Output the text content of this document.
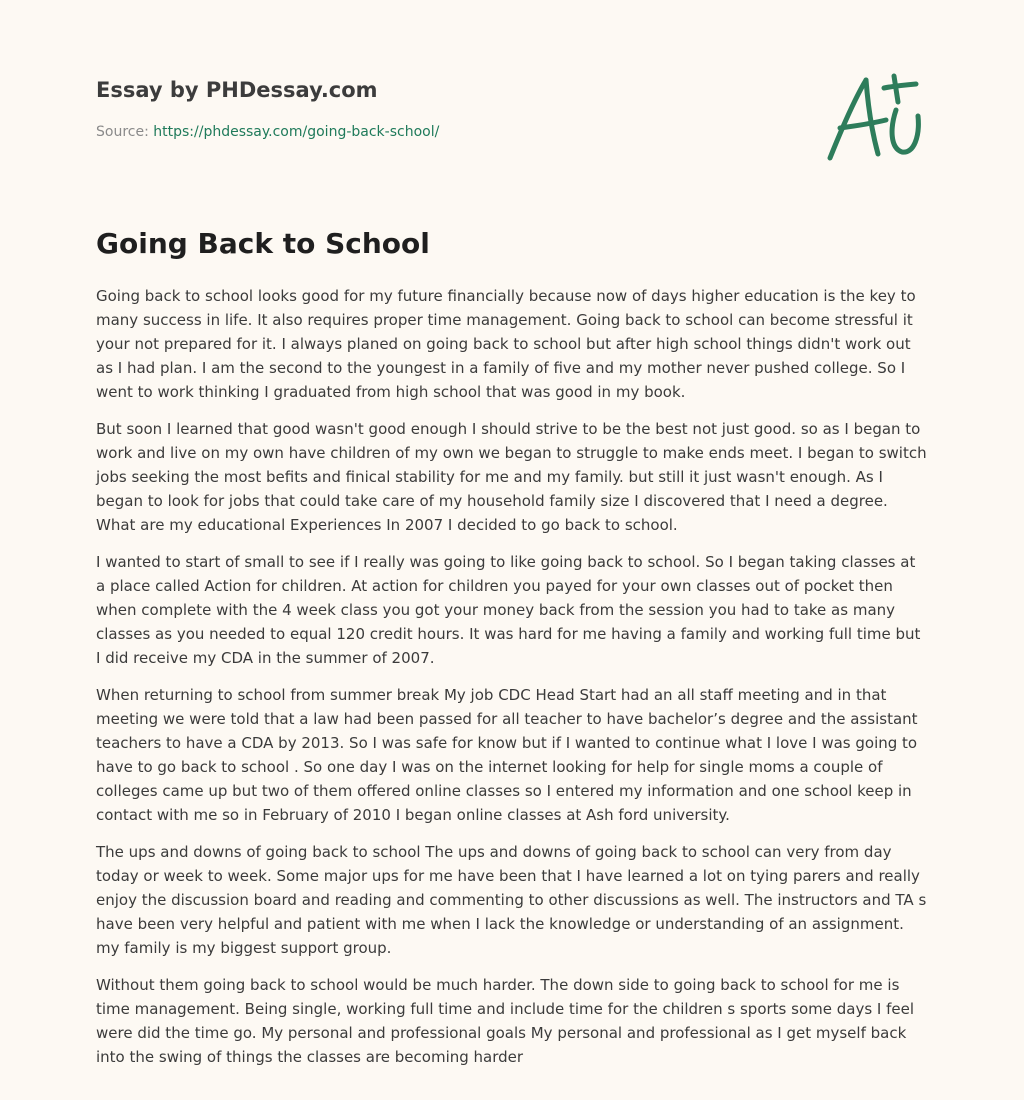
Essay by PHDessay.com
Source: https://phdessay.com/going-back-school/
Going Back to School

Going back to school looks good for my future financially because now of days higher education is the key to many success in life. It also requires proper time management. Going back to school can become stressful it your not prepared for it. I always planed on going back to school but after high school things didn't work out as I had plan. I am the second to the youngest in a family of five and my mother never pushed college. So I went to work thinking I graduated from high school that was good in my book.

But soon I learned that good wasn't good enough I should strive to be the best not just good. so as I began to work and live on my own have children of my own we began to struggle to make ends meet. I began to switch jobs seeking the most befits and finical stability for me and my family. but still it just wasn't enough. As I began to look for jobs that could take care of my household family size I discovered that I need a degree. What are my educational Experiences In 2007 I decided to go back to school.

I wanted to start of small to see if I really was going to like going back to school. So I began taking classes at a place called Action for children. At action for children you payed for your own classes out of pocket then when complete with the 4 week class you got your money back from the session you had to take as many classes as you needed to equal 120 credit hours. It was hard for me having a family and working full time but I did receive my CDA in the summer of 2007.

When returning to school from summer break My job CDC Head Start had an all staff meeting and in that meeting we were told that a law had been passed for all teacher to have bachelor’s degree and the assistant teachers to have a CDA by 2013. So I was safe for know but if I wanted to continue what I love I was going to have to go back to school . So one day I was on the internet looking for help for single moms a couple of colleges came up but two of them offered online classes so I entered my information and one school keep in contact with me so in February of 2010 I began online classes at Ash ford university.

The ups and downs of going back to school The ups and downs of going back to school can very from day today or week to week. Some major ups for me have been that I have learned a lot on tying parers and really enjoy the discussion board and reading and commenting to other discussions as well. The instructors and TA s have been very helpful and patient with me when I lack the knowledge or understanding of an assignment. my family is my biggest support group.

Without them going back to school would be much harder. The down side to going back to school for me is time management. Being single, working full time and include time for the children s sports some days I feel were did the time go. My personal and professional goals My personal and professional as I get myself back into the swing of things the classes are becoming harder
